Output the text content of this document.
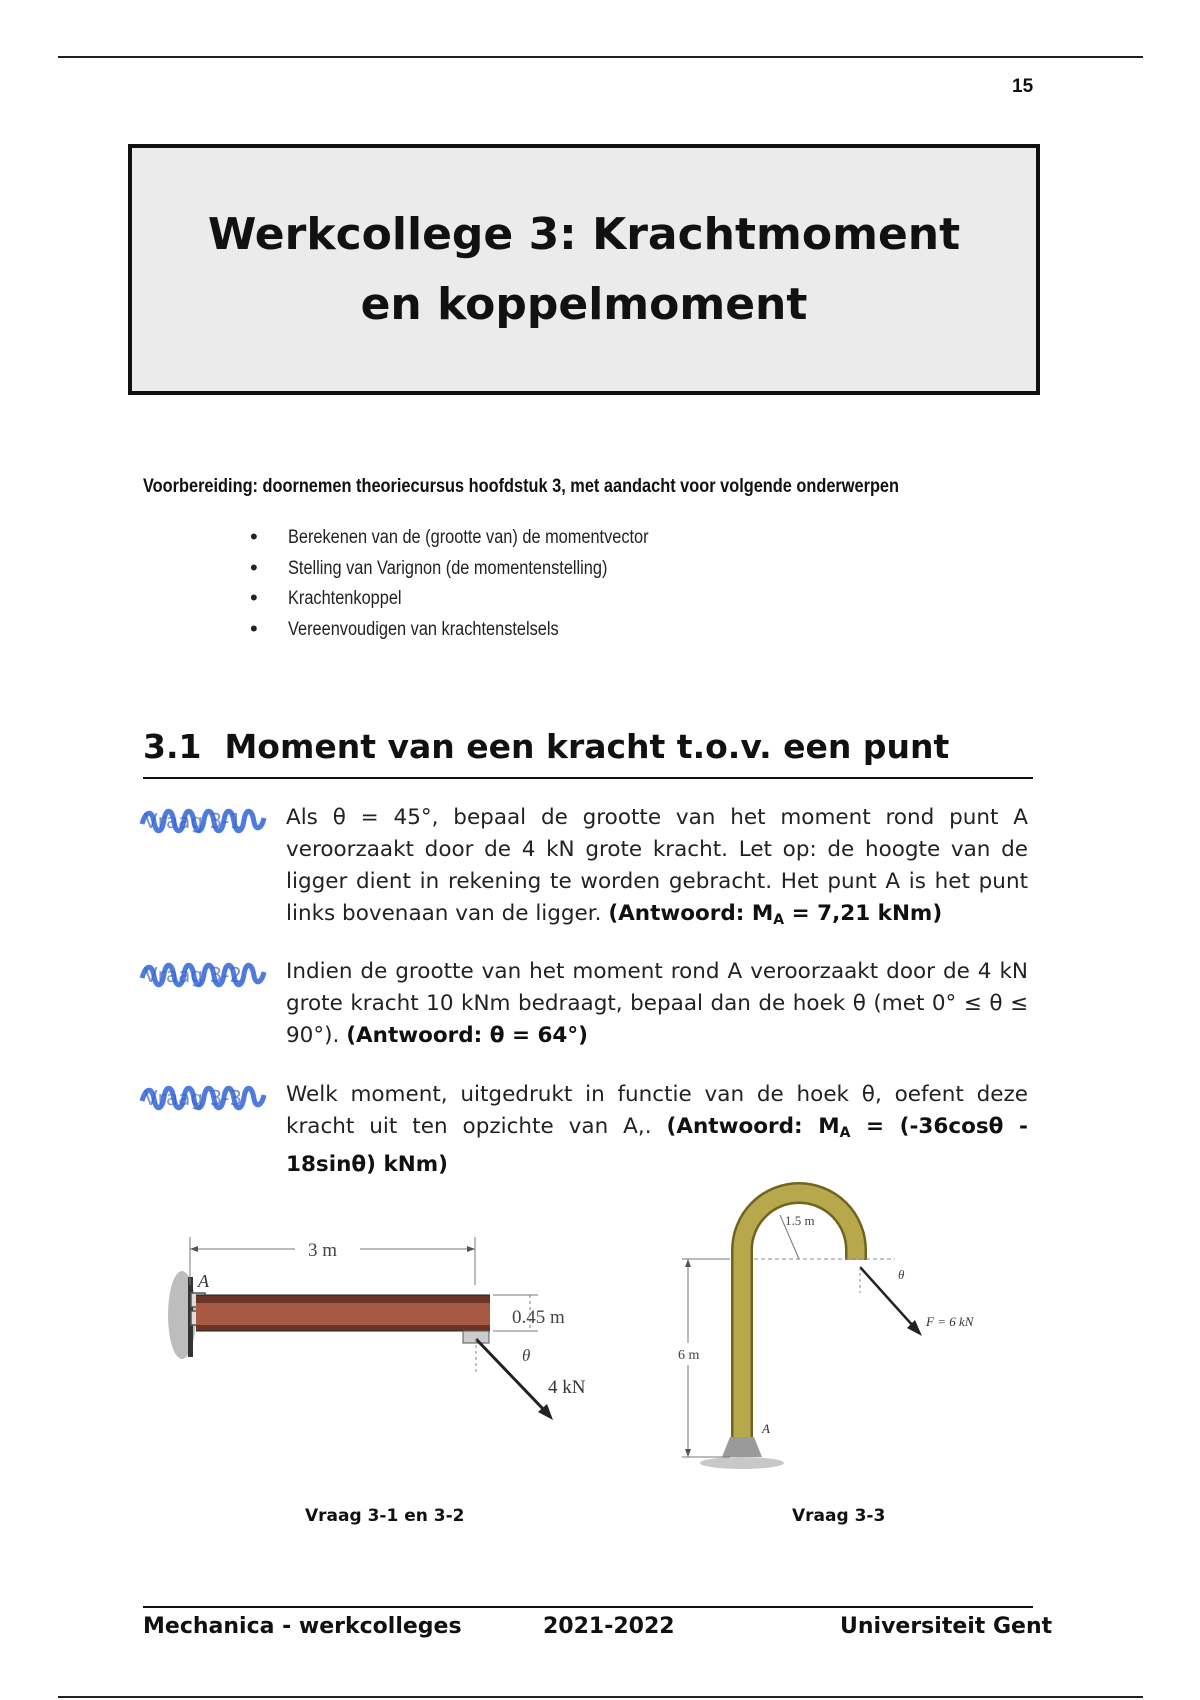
15
Werkcollege 3: Krachtmoment en koppelmoment
Voorbereiding: doornemen theoriecursus hoofdstuk 3, met aandacht voor volgende onderwerpen
• Berekenen van de (grootte van) de momentvector
• Stelling van Varignon (de momentenstelling)
• Krachtenkoppel
• Vereenvoudigen van krachtenstelsels
3.1 Moment van een kracht t.o.v. een punt
Vraag 3-1 Als θ = 45°, bepaal de grootte van het moment rond punt A veroorzaakt door de 4 kN grote kracht. Let op: de hoogte van de ligger dient in rekening te worden gebracht. Het punt A is het punt links bovenaan van de ligger. (Antwoord: $M_A = 7,21$ kNm)
Vraag 3-2 Indien de grootte van het moment rond A veroorzaakt door de 4 kN grote kracht 10 kNm bedraagt, bepaal dan de hoek θ (met 0° ≤ θ ≤ 90°). (Antwoord: θ = 64°)
Vraag 3-3 Welk moment, uitgedrukt in functie van de hoek θ, oefent deze kracht uit ten opzichte van A,. (Antwoord: $M_A = (-36\cos\theta - 18\sin\theta)$ kNm)
3 m
0.45 m
A
θ
4 kN
Vraag 3-1 en 3-2
6 m
1.5 m
θ
F = 6 kN
A
Vraag 3-3
Mechanica - werkcolleges	2021-2022	Universiteit Gent
